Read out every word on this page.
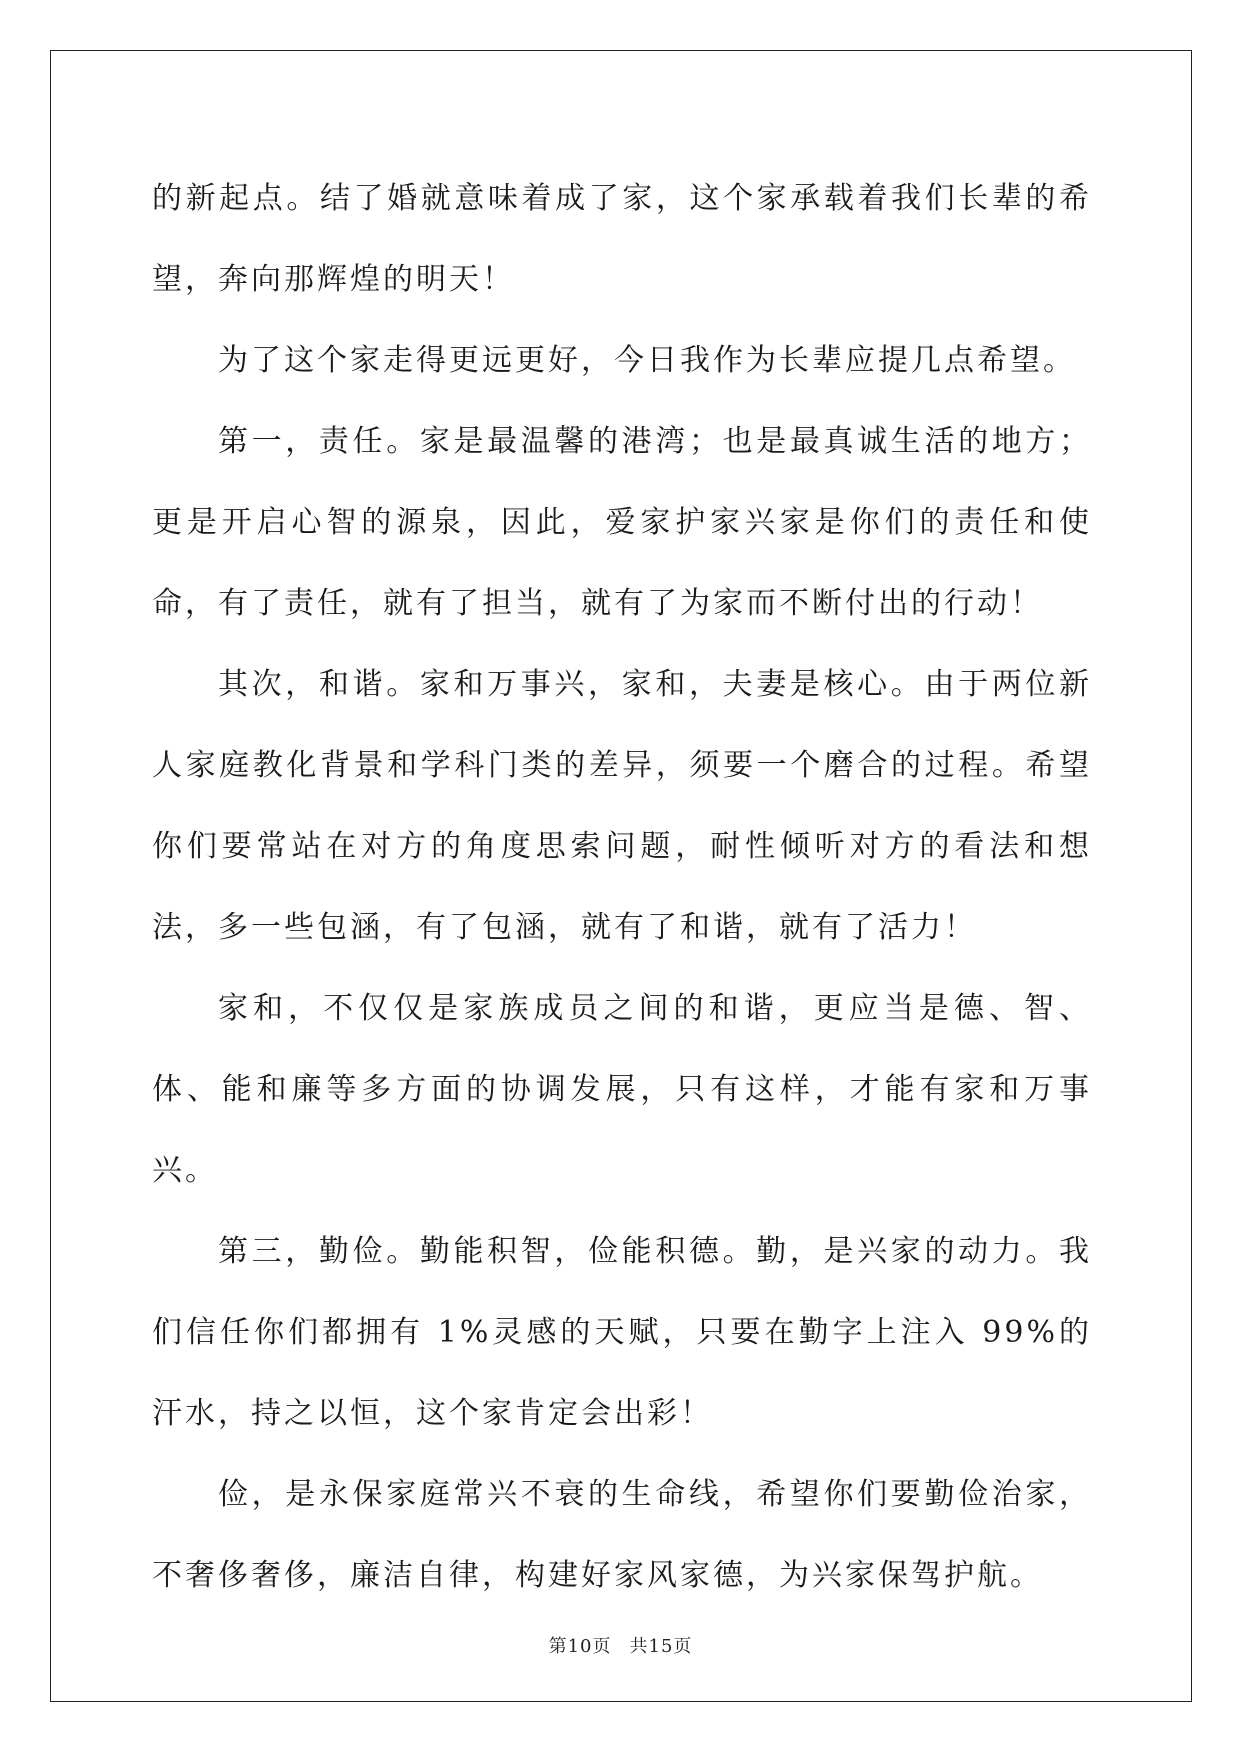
的新起点。结了婚就意味着成了家，这个家承载着我们长辈的希望，奔向那辉煌的明天！

为了这个家走得更远更好，今日我作为长辈应提几点希望。

第一，责任。家是最温馨的港湾；也是最真诚生活的地方；更是开启心智的源泉，因此，爱家护家兴家是你们的责任和使命，有了责任，就有了担当，就有了为家而不断付出的行动！

其次，和谐。家和万事兴，家和，夫妻是核心。由于两位新人家庭教化背景和学科门类的差异，须要一个磨合的过程。希望你们要常站在对方的角度思索问题，耐性倾听对方的看法和想法，多一些包涵，有了包涵，就有了和谐，就有了活力！

家和，不仅仅是家族成员之间的和谐，更应当是德、智、体、能和廉等多方面的协调发展，只有这样，才能有家和万事兴。

第三，勤俭。勤能积智，俭能积德。勤，是兴家的动力。我们信任你们都拥有 1%灵感的天赋，只要在勤字上注入 99%的汗水，持之以恒，这个家肯定会出彩！

俭，是永保家庭常兴不衰的生命线，希望你们要勤俭治家，不奢侈奢侈，廉洁自律，构建好家风家德，为兴家保驾护航。

第10页 共15页
